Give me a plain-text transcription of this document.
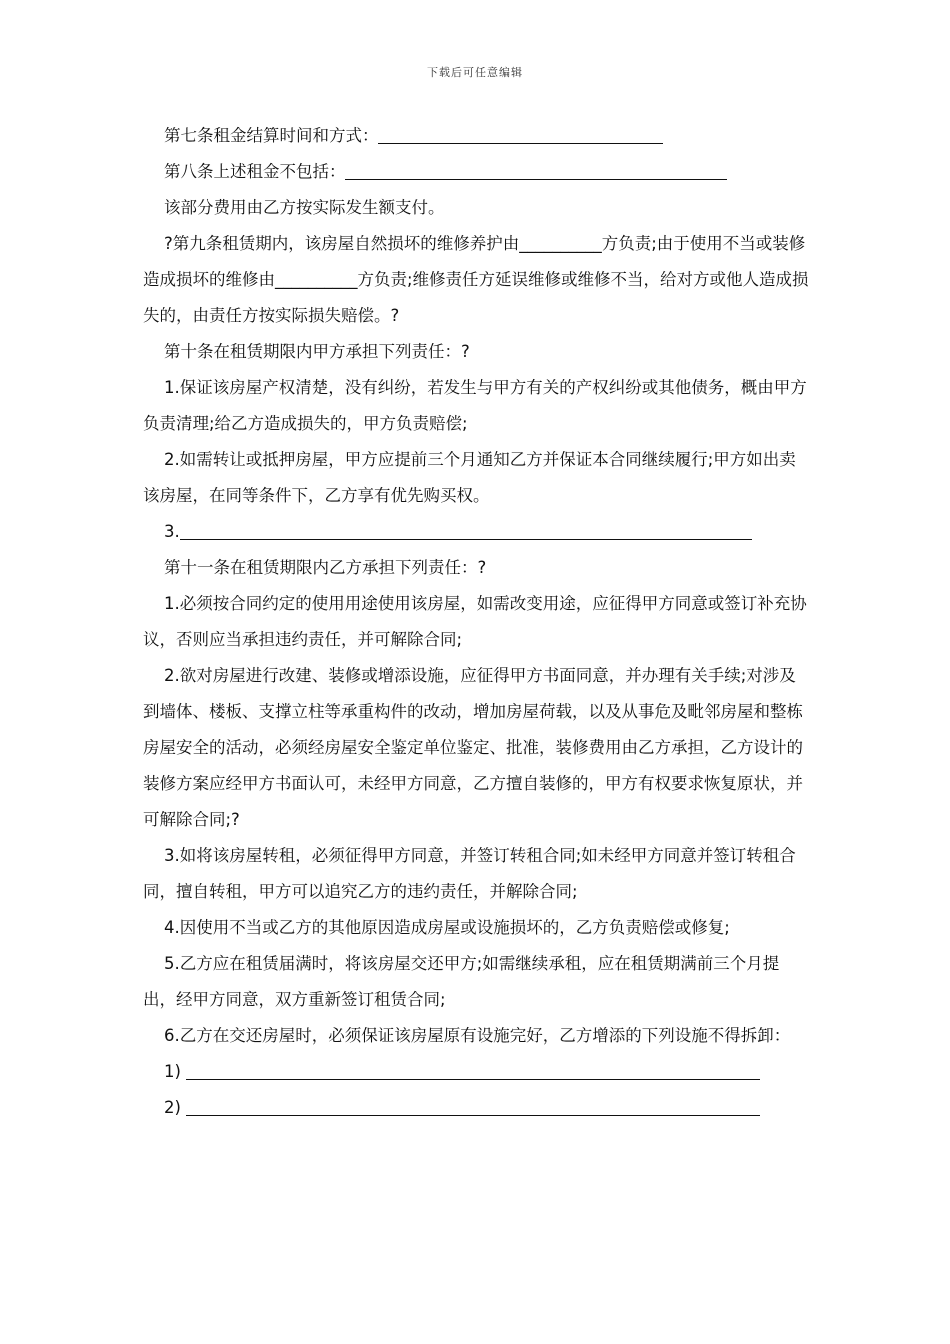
下载后可任意编辑

第七条租金结算时间和方式：

第八条上述租金不包括：

该部分费用由乙方按实际发生额支付。

?第九条租赁期内，该房屋自然损坏的维修养护由__________方负责;由于使用不当或装修造成损坏的维修由__________方负责;维修责任方延误维修或维修不当，给对方或他人造成损失的，由责任方按实际损失赔偿。?

第十条在租赁期限内甲方承担下列责任：?

1.保证该房屋产权清楚，没有纠纷，若发生与甲方有关的产权纠纷或其他债务，概由甲方负责清理;给乙方造成损失的，甲方负责赔偿;

2.如需转让或抵押房屋，甲方应提前三个月通知乙方并保证本合同继续履行;甲方如出卖该房屋，在同等条件下，乙方享有优先购买权。

3.

第十一条在租赁期限内乙方承担下列责任：?

1.必须按合同约定的使用用途使用该房屋，如需改变用途，应征得甲方同意或签订补充协议，否则应当承担违约责任，并可解除合同;

2.欲对房屋进行改建、装修或增添设施，应征得甲方书面同意，并办理有关手续;对涉及到墙体、楼板、支撑立柱等承重构件的改动，增加房屋荷载，以及从事危及毗邻房屋和整栋房屋安全的活动，必须经房屋安全鉴定单位鉴定、批准，装修费用由乙方承担，乙方设计的装修方案应经甲方书面认可，未经甲方同意，乙方擅自装修的，甲方有权要求恢复原状，并可解除合同;?

3.如将该房屋转租，必须征得甲方同意，并签订转租合同;如未经甲方同意并签订转租合同，擅自转租，甲方可以追究乙方的违约责任，并解除合同;

4.因使用不当或乙方的其他原因造成房屋或设施损坏的，乙方负责赔偿或修复;

5.乙方应在租赁届满时，将该房屋交还甲方;如需继续承租，应在租赁期满前三个月提出，经甲方同意，双方重新签订租赁合同;

6.乙方在交还房屋时，必须保证该房屋原有设施完好，乙方增添的下列设施不得拆卸：

1)

2)
